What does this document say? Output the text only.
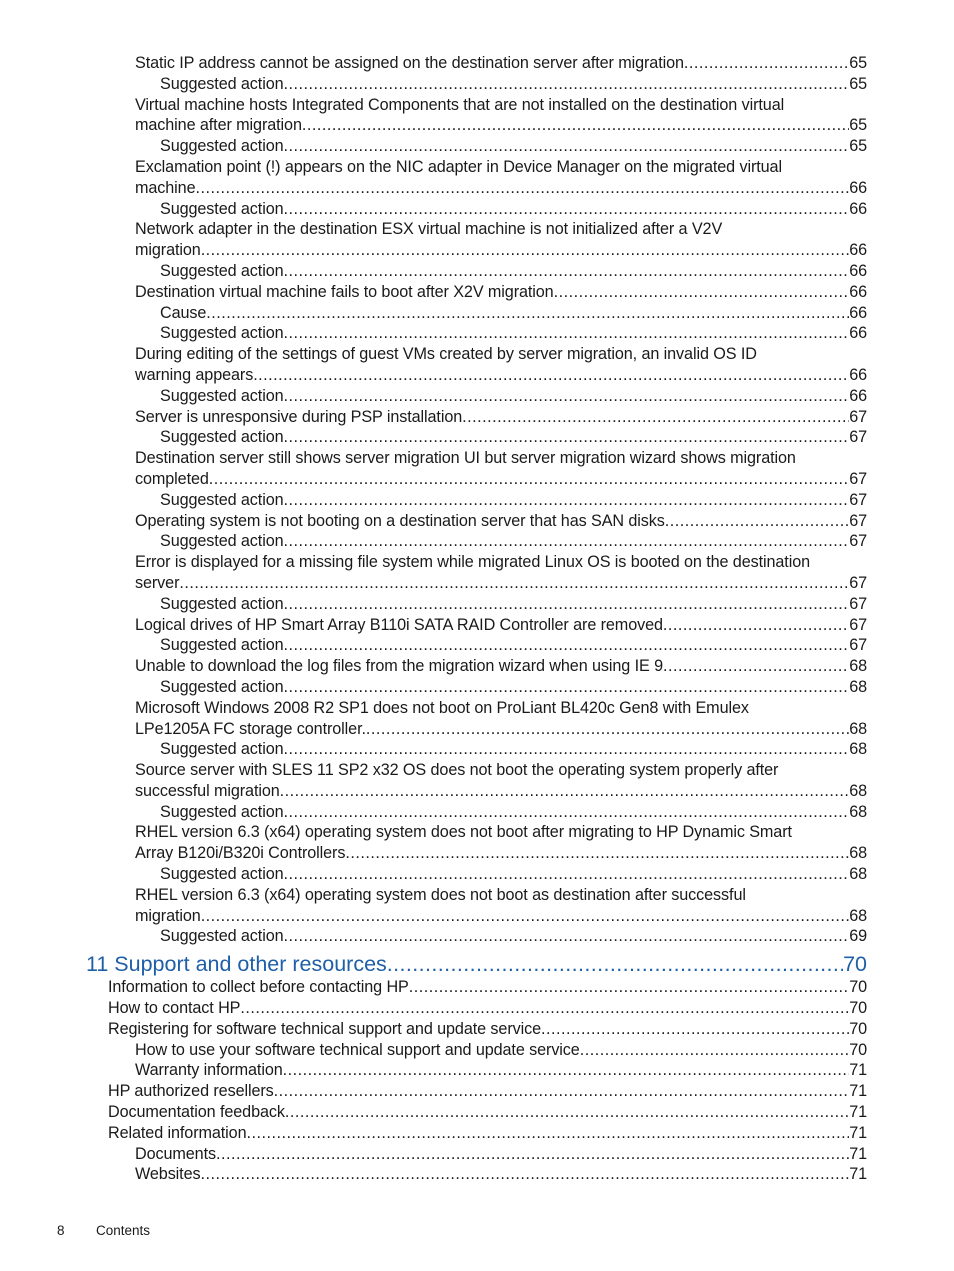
Static IP address cannot be assigned on the destination server after migration .....	65
Suggested action .....	65
Virtual machine hosts Integrated Components that are not installed on the destination virtual
machine after migration .....	65
Suggested action .....	65
Exclamation point (!) appears on the NIC adapter in Device Manager on the migrated virtual
machine .....	66
Suggested action .....	66
Network adapter in the destination ESX virtual machine is not initialized after a V2V
migration .....	66
Suggested action .....	66
Destination virtual machine fails to boot after X2V migration .....	66
Cause .....	66
Suggested action .....	66
During editing of the settings of guest VMs created by server migration, an invalid OS ID
warning appears .....	66
Suggested action .....	66
Server is unresponsive during PSP installation .....	67
Suggested action .....	67
Destination server still shows server migration UI but server migration wizard shows migration
completed .....	67
Suggested action .....	67
Operating system is not booting on a destination server that has SAN disks .....	67
Suggested action .....	67
Error is displayed for a missing file system while migrated Linux OS is booted on the destination
server .....	67
Suggested action .....	67
Logical drives of HP Smart Array B110i SATA RAID Controller are removed .....	67
Suggested action .....	67
Unable to download the log files from the migration wizard when using IE 9 .....	68
Suggested action .....	68
Microsoft Windows 2008 R2 SP1 does not boot on ProLiant BL420c Gen8 with Emulex
LPe1205A FC storage controller. .....	68
Suggested action .....	68
Source server with SLES 11 SP2 x32 OS does not boot the operating system properly after
successful migration .....	68
Suggested action .....	68
RHEL version 6.3 (x64) operating system does not boot after migrating to HP Dynamic Smart
Array B120i/B320i Controllers .....	68
Suggested action .....	68
RHEL version 6.3 (x64) operating system does not boot as destination after successful
migration .....	68
Suggested action .....	69
11 Support and other resources .....	70
Information to collect before contacting HP .....	70
How to contact HP .....	70
Registering for software technical support and update service .....	70
How to use your software technical support and update service .....	70
Warranty information .....	71
HP authorized resellers .....	71
Documentation feedback .....	71
Related information .....	71
Documents .....	71
Websites .....	71
8 Contents
